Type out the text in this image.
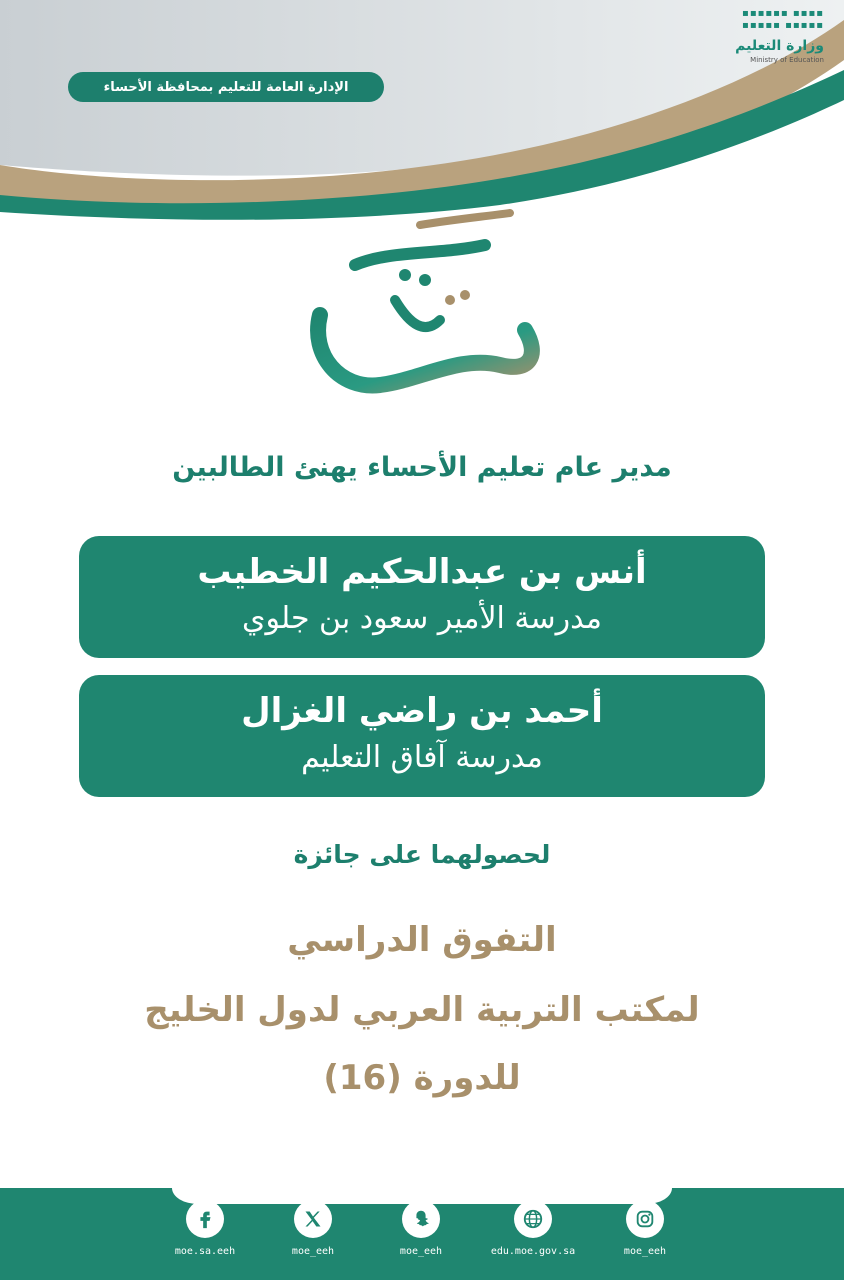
▪▪▪▪▪▪ ▪▪▪▪
▪▪▪▪▪ ▪▪▪▪▪
وزارة التعليم
Ministry of Education
الإدارة العامة للتعليم بمحافظة الأحساء
مدير عام تعليم الأحساء يهنئ الطالبين
أنس بن عبدالحكيم الخطيب
مدرسة الأمير سعود بن جلوي
أحمد بن راضي الغزال
مدرسة آفاق التعليم
لحصولهما على جائزة
التفوق الدراسي
لمكتب التربية العربي لدول الخليج
للدورة (16)
moe.sa.eeh	moe_eeh	moe_eeh	edu.moe.gov.sa	moe_eeh
